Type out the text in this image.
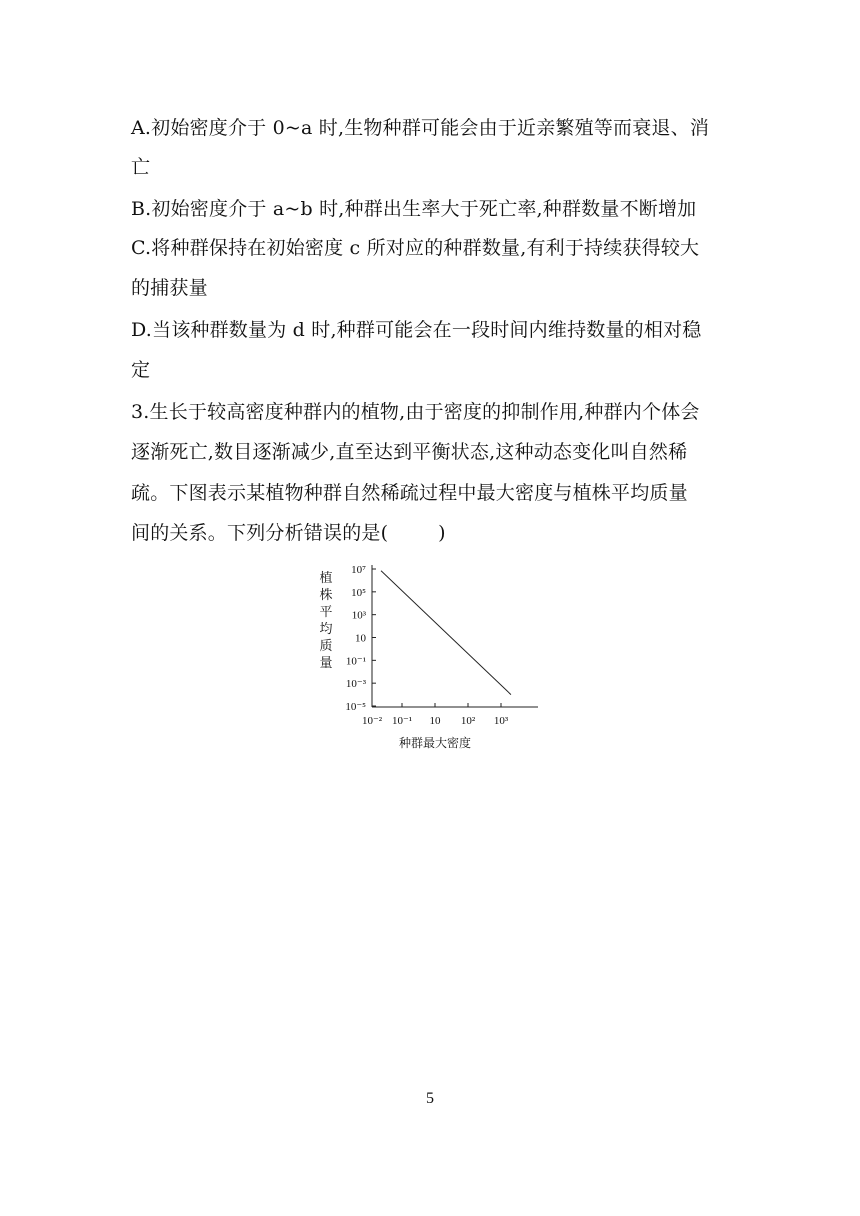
A.初始密度介于 0~a 时,生物种群可能会由于近亲繁殖等而衰退、消
亡
B.初始密度介于 a~b 时,种群出生率大于死亡率,种群数量不断增加
C.将种群保持在初始密度 c 所对应的种群数量,有利于持续获得较大
的捕获量
D.当该种群数量为 d 时,种群可能会在一段时间内维持数量的相对稳
定
3.生长于较高密度种群内的植物,由于密度的抑制作用,种群内个体会
逐渐死亡,数目逐渐减少,直至达到平衡状态,这种动态变化叫自然稀
疏。下图表示某植物种群自然稀疏过程中最大密度与植株平均质量
间的关系。下列分析错误的是(        )
植
株
平
均
质
量
10⁷
10⁵
10³
10
10⁻¹
10⁻³
10⁻⁵
10⁻² 10⁻¹ 10 10² 10³
种群最大密度
5
